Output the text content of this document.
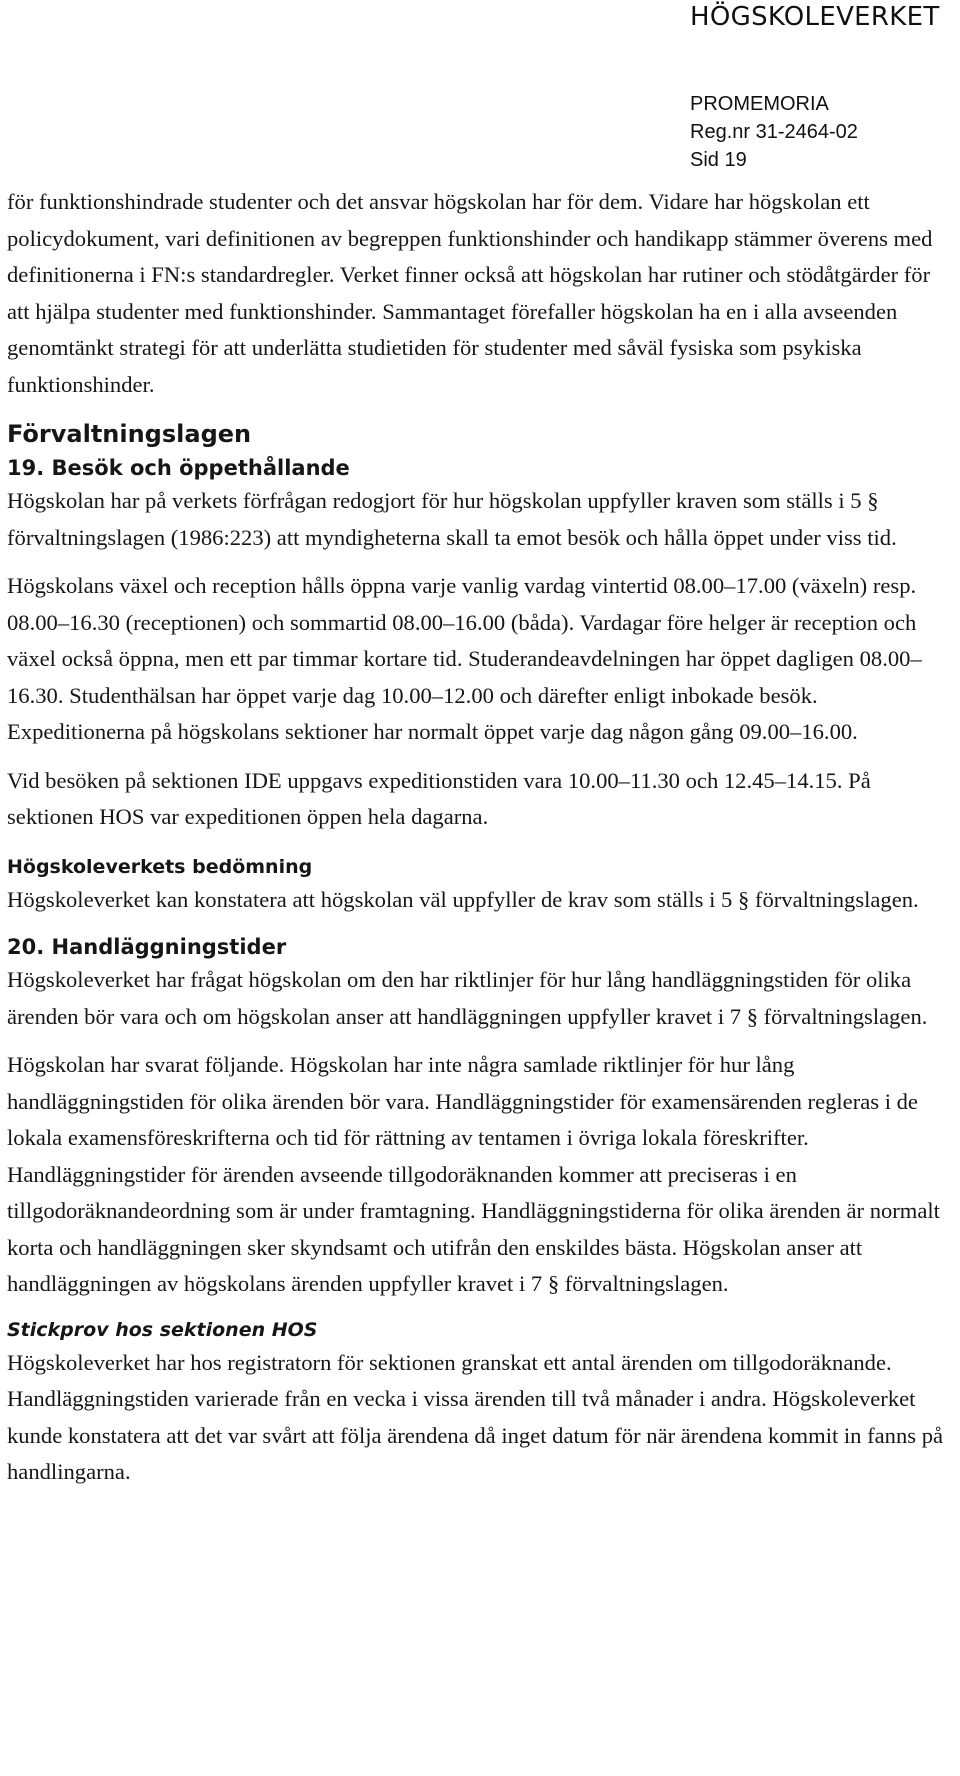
HÖGSKOLEVERKET
PROMEMORIA
Reg.nr 31-2464-02
Sid 19

för funktionshindrade studenter och det ansvar högskolan har för dem. Vidare har högskolan ett policydokument, vari definitionen av begreppen funktionshinder och handikapp stämmer överens med definitionerna i FN:s standardregler. Verket finner också att högskolan har rutiner och stödåtgärder för att hjälpa studenter med funktionshinder. Sammantaget förefaller högskolan ha en i alla avseenden genomtänkt strategi för att underlätta studietiden för studenter med såväl fysiska som psykiska funktionshinder.

Förvaltningslagen
19. Besök och öppethållande

Högskolan har på verkets förfrågan redogjort för hur högskolan uppfyller kraven som ställs i 5 § förvaltningslagen (1986:223) att myndigheterna skall ta emot besök och hålla öppet under viss tid.

Högskolans växel och reception hålls öppna varje vanlig vardag vintertid 08.00–17.00 (växeln) resp. 08.00–16.30 (receptionen) och sommartid 08.00–16.00 (båda). Vardagar före helger är reception och växel också öppna, men ett par timmar kortare tid. Studerandeavdelningen har öppet dagligen 08.00–16.30. Studenthälsan har öppet varje dag 10.00–12.00 och därefter enligt inbokade besök. Expeditionerna på högskolans sektioner har normalt öppet varje dag någon gång 09.00–16.00.

Vid besöken på sektionen IDE uppgavs expeditionstiden vara 10.00–11.30 och 12.45–14.15. På sektionen HOS var expeditionen öppen hela dagarna.

Högskoleverkets bedömning

Högskoleverket kan konstatera att högskolan väl uppfyller de krav som ställs i 5 § förvaltningslagen.

20. Handläggningstider

Högskoleverket har frågat högskolan om den har riktlinjer för hur lång handläggningstiden för olika ärenden bör vara och om högskolan anser att handläggningen uppfyller kravet i 7 § förvaltningslagen.

Högskolan har svarat följande. Högskolan har inte några samlade riktlinjer för hur lång handläggningstiden för olika ärenden bör vara. Handläggningstider för examensärenden regleras i de lokala examensföreskrifterna och tid för rättning av tentamen i övriga lokala föreskrifter. Handläggningstider för ärenden avseende tillgodoräknanden kommer att preciseras i en tillgodoräknandeordning som är under framtagning. Handläggningstiderna för olika ärenden är normalt korta och handläggningen sker skyndsamt och utifrån den enskildes bästa. Högskolan anser att handläggningen av högskolans ärenden uppfyller kravet i 7 § förvaltningslagen.

Stickprov hos sektionen HOS

Högskoleverket har hos registratorn för sektionen granskat ett antal ärenden om tillgodoräknande. Handläggningstiden varierade från en vecka i vissa ärenden till två månader i andra. Högskoleverket kunde konstatera att det var svårt att följa ärendena då inget datum för när ärendena kommit in fanns på handlingarna.
